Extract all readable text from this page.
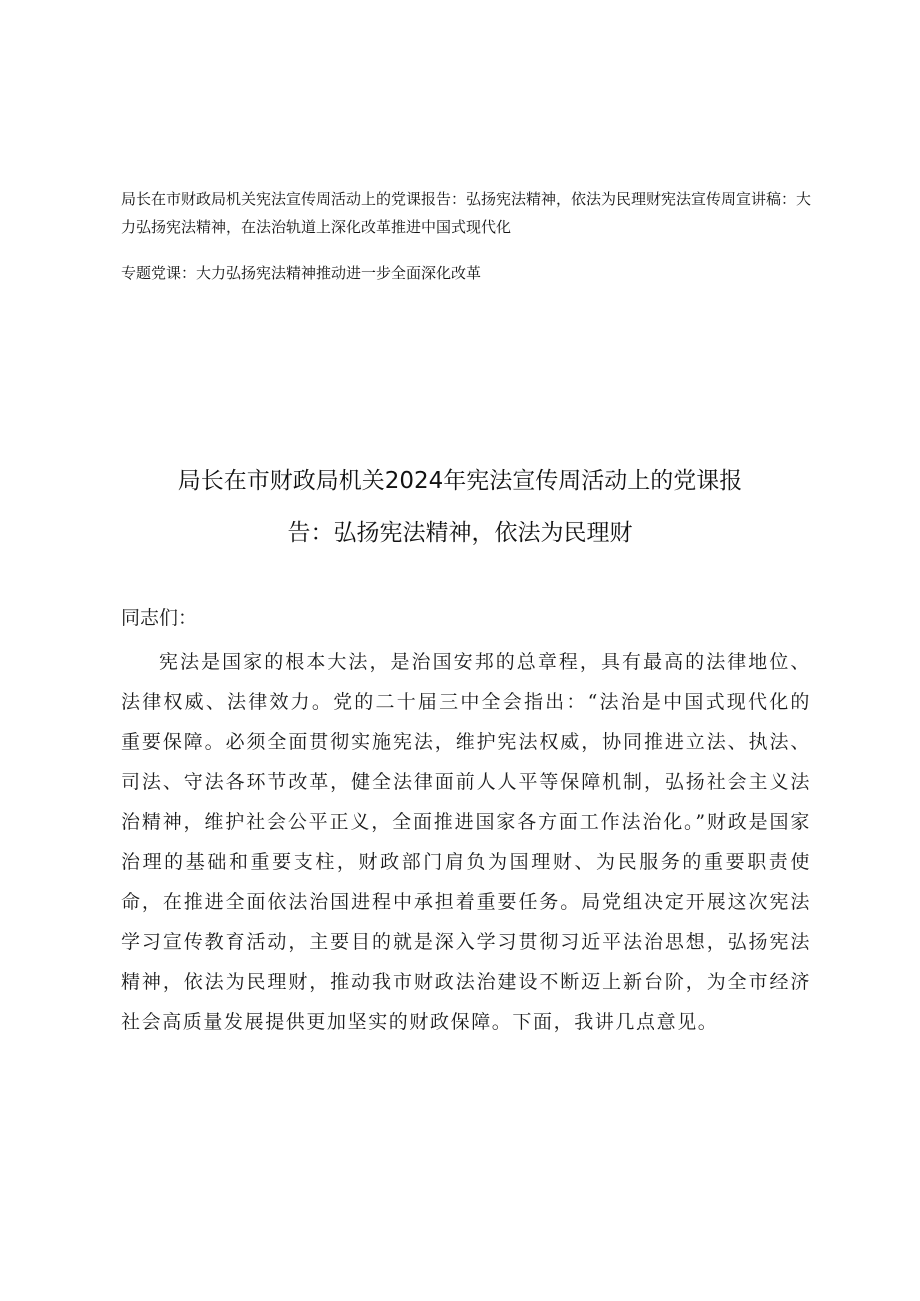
局长在市财政局机关宪法宣传周活动上的党课报告：弘扬宪法精神，依法为民理财宪法宣传周宣讲稿：大力弘扬宪法精神，在法治轨道上深化改革推进中国式现代化

专题党课：大力弘扬宪法精神推动进一步全面深化改革

局长在市财政局机关2024年宪法宣传周活动上的党课报
告：弘扬宪法精神，依法为民理财

同志们：

宪法是国家的根本大法，是治国安邦的总章程，具有最高的法律地位、法律权威、法律效力。党的二十届三中全会指出：“法治是中国式现代化的重要保障。必须全面贯彻实施宪法，维护宪法权威，协同推进立法、执法、司法、守法各环节改革，健全法律面前人人平等保障机制，弘扬社会主义法治精神，维护社会公平正义，全面推进国家各方面工作法治化。”财政是国家治理的基础和重要支柱，财政部门肩负为国理财、为民服务的重要职责使命，在推进全面依法治国进程中承担着重要任务。局党组决定开展这次宪法学习宣传教育活动，主要目的就是深入学习贯彻习近平法治思想，弘扬宪法精神，依法为民理财，推动我市财政法治建设不断迈上新台阶，为全市经济社会高质量发展提供更加坚实的财政保障。下面，我讲几点意见。
